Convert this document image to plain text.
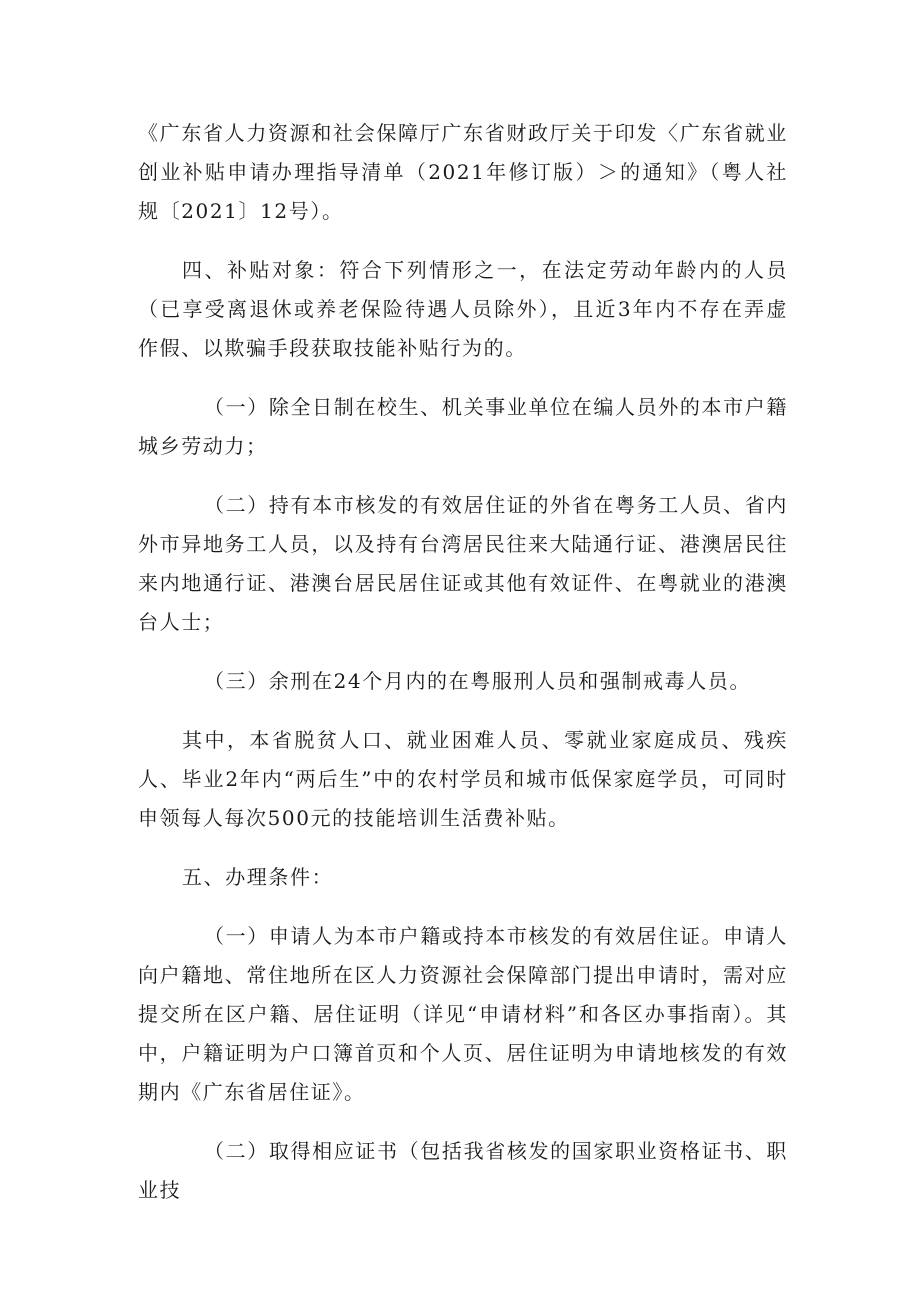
《广东省人力资源和社会保障厅广东省财政厅关于印发〈广东省就业创业补贴申请办理指导清单（2021年修订版）＞的通知》（粤人社规〔2021〕12号）。

四、补贴对象：符合下列情形之一，在法定劳动年龄内的人员（已享受离退休或养老保险待遇人员除外），且近3年内不存在弄虚作假、以欺骗手段获取技能补贴行为的。

（一）除全日制在校生、机关事业单位在编人员外的本市户籍城乡劳动力；

（二）持有本市核发的有效居住证的外省在粤务工人员、省内外市异地务工人员，以及持有台湾居民往来大陆通行证、港澳居民往来内地通行证、港澳台居民居住证或其他有效证件、在粤就业的港澳台人士；

（三）余刑在24个月内的在粤服刑人员和强制戒毒人员。

其中，本省脱贫人口、就业困难人员、零就业家庭成员、残疾人、毕业2年内“两后生”中的农村学员和城市低保家庭学员，可同时申领每人每次500元的技能培训生活费补贴。

五、办理条件：

（一）申请人为本市户籍或持本市核发的有效居住证。申请人向户籍地、常住地所在区人力资源社会保障部门提出申请时，需对应提交所在区户籍、居住证明（详见“申请材料”和各区办事指南）。其中，户籍证明为户口簿首页和个人页、居住证明为申请地核发的有效期内《广东省居住证》。

（二）取得相应证书（包括我省核发的国家职业资格证书、职业技
